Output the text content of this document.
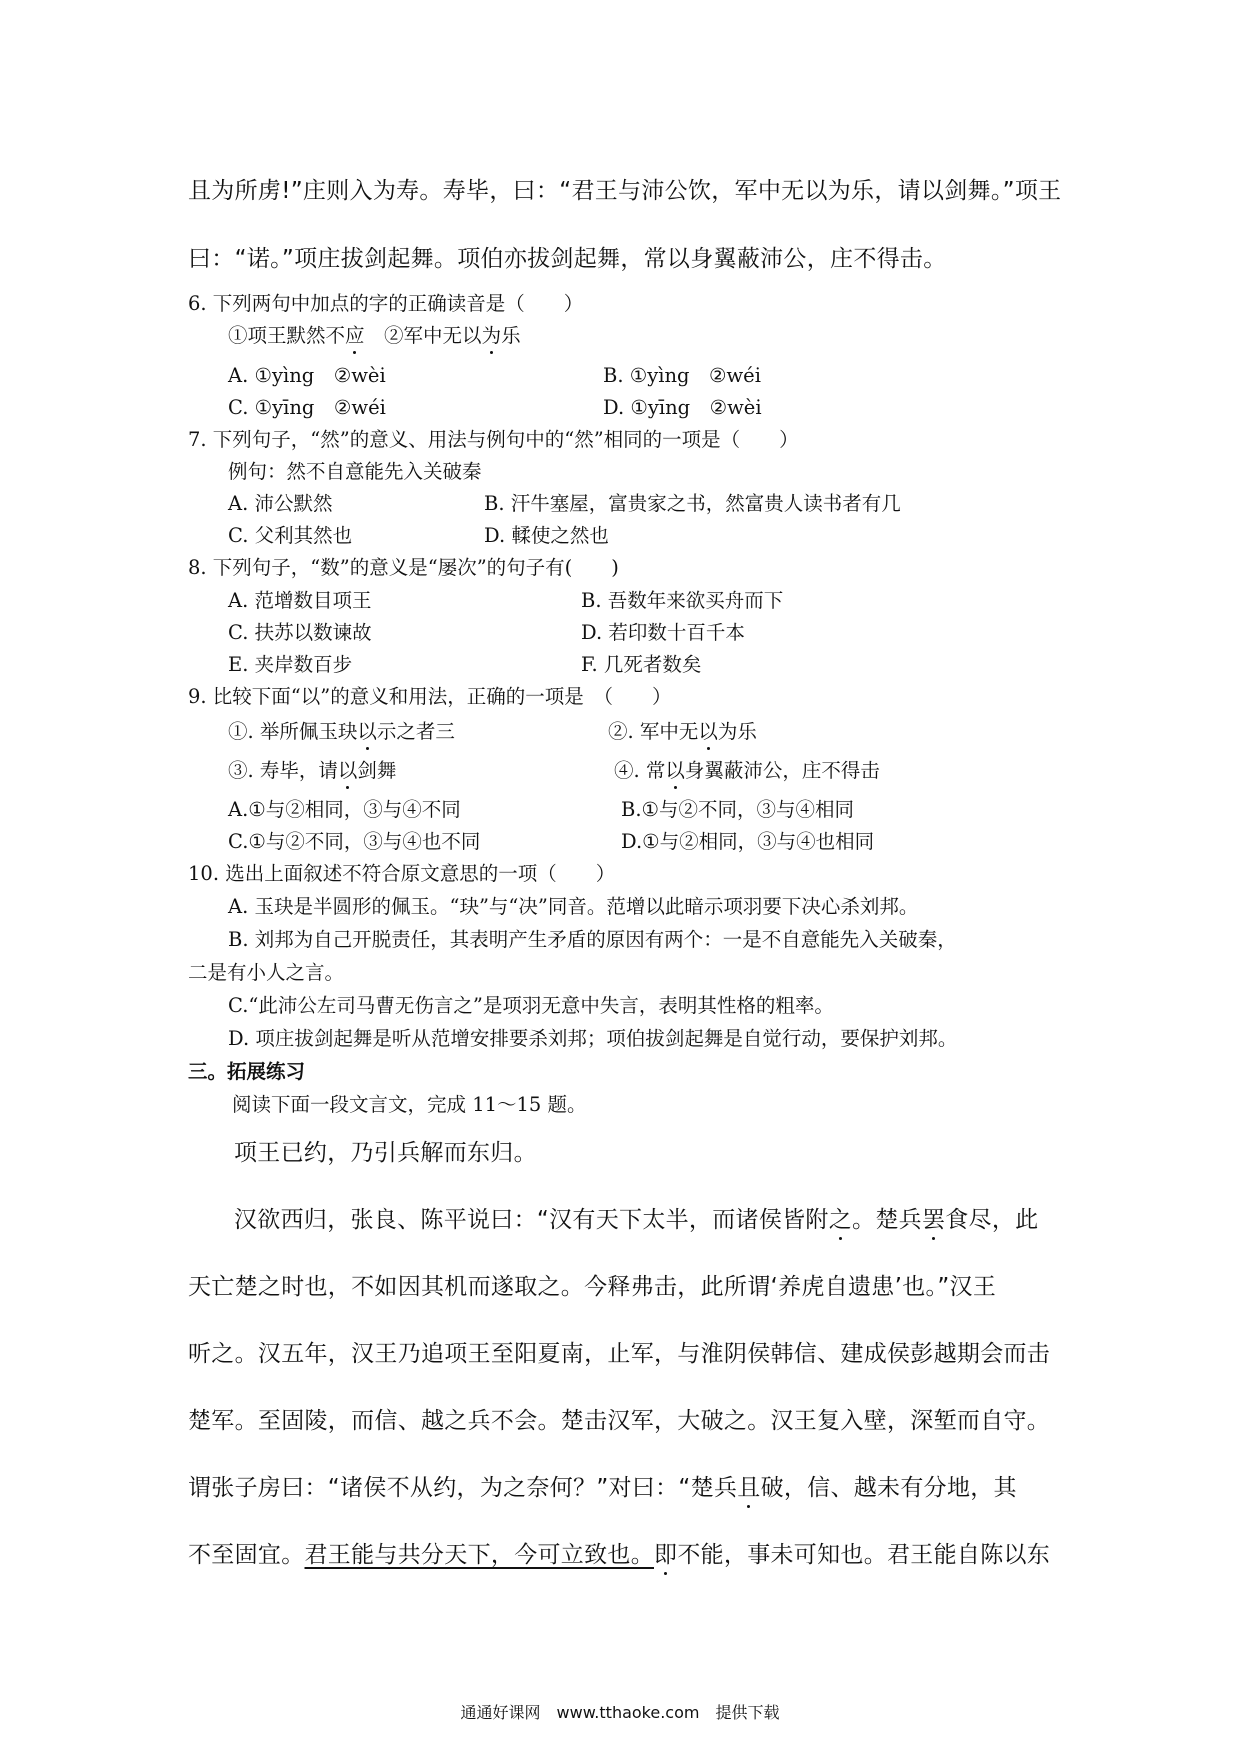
且为所虏!”庄则入为寿。寿毕，曰：“君王与沛公饮，军中无以为乐，请以剑舞。”项王
曰：“诺。”项庄拔剑起舞。项伯亦拔剑起舞，常以身翼蔽沛公，庄不得击。
6. 下列两句中加点的字的正确读音是（　　）
①项王默然不应　 ②军中无以为乐
A. ①yìng　②wèi	B. ①yìng　②wéi
C. ①yīng　②wéi	D. ①yīng　②wèi
7. 下列句子，“然”的意义、用法与例句中的“然”相同的一项是（　　）
例句：然不自意能先入关破秦
A. 沛公默然	B. 汗牛塞屋，富贵家之书，然富贵人读书者有几
C. 父利其然也	D. 輮使之然也
8. 下列句子，“数”的意义是“屡次”的句子有(　　)
A. 范增数目项王	B. 吾数年来欲买舟而下
C. 扶苏以数谏故	D. 若印数十百千本
E. 夹岸数百步	F. 几死者数矣
9. 比较下面“以”的意义和用法，正确的一项是　（　　）
①. 举所佩玉玦以示之者三	②. 军中无以为乐
③. 寿毕，请以剑舞	④. 常以身翼蔽沛公，庄不得击
A.①与②相同，③与④不同	B.①与②不同，③与④相同
C.①与②不同，③与④也不同	D.①与②相同，③与④也相同
10. 选出上面叙述不符合原文意思的一项（　　）
A. 玉玦是半圆形的佩玉。“玦”与“决”同音。范增以此暗示项羽要下决心杀刘邦。
B. 刘邦为自己开脱责任，其表明产生矛盾的原因有两个：一是不自意能先入关破秦，
二是有小人之言。
C.“此沛公左司马曹无伤言之”是项羽无意中失言，表明其性格的粗率。
D. 项庄拔剑起舞是听从范增安排要杀刘邦；项伯拔剑起舞是自觉行动，要保护刘邦。
三。拓展练习
阅读下面一段文言文，完成 11～15 题。
项王已约，乃引兵解而东归。
汉欲西归，张良、陈平说曰：“汉有天下太半，而诸侯皆附之。楚兵罢食尽，此
天亡楚之时也，不如因其机而遂取之。今释弗击，此所谓‘养虎自遗患’也。”汉王
听之。汉五年，汉王乃追项王至阳夏南，止军，与淮阴侯韩信、建成侯彭越期会而击
楚军。至固陵，而信、越之兵不会。楚击汉军，大破之。汉王复入壁，深堑而自守。
谓张子房曰：“诸侯不从约，为之奈何？”对曰：“楚兵且破，信、越未有分地，其
不至固宜。君王能与共分天下，今可立致也。即不能，事未可知也。君王能自陈以东
通通好课网　www.tthaoke.com　提供下载
